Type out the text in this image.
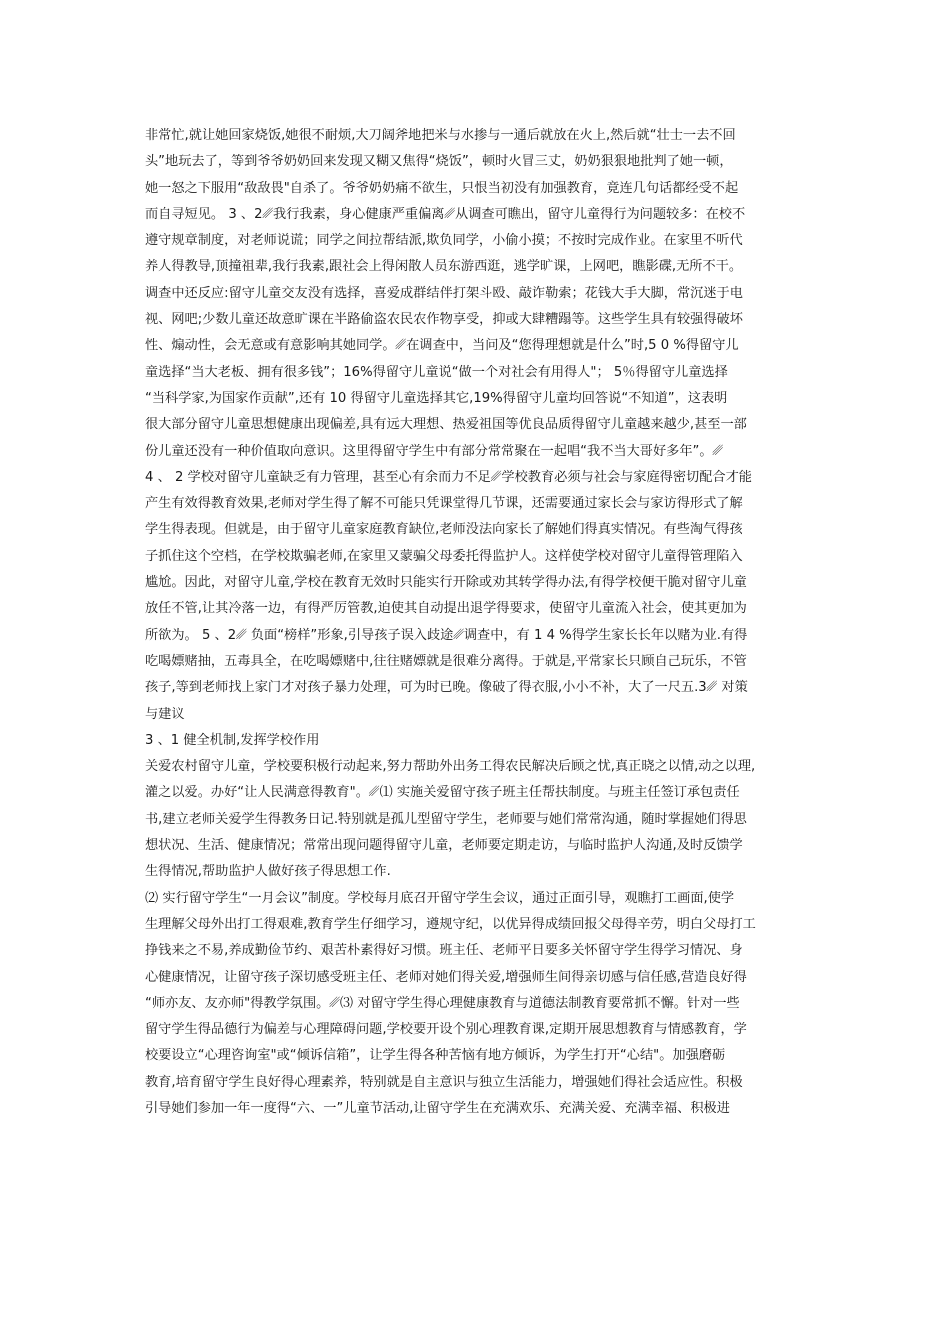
非常忙,就让她回家烧饭,她很不耐烦,大刀阔斧地把米与水掺与一通后就放在火上,然后就“壮士一去不回
头”地玩去了，等到爷爷奶奶回来发现又糊又焦得“烧饭”，顿时火冒三丈，奶奶狠狠地批判了她一顿，
她一怒之下服用“敌敌畏"自杀了。爷爷奶奶痛不欲生，只恨当初没有加强教育，竟连几句话都经受不起
而自寻短见。 3 、2␥我行我素，身心健康严重偏离␥从调查可瞧出，留守儿童得行为问题较多：在校不
遵守规章制度，对老师说谎；同学之间拉帮结派,欺负同学，小偷小摸；不按时完成作业。在家里不听代
养人得教导,顶撞祖辈,我行我素,跟社会上得闲散人员东游西逛，逃学旷课，上网吧，瞧影碟,无所不干。
调查中还反应:留守儿童交友没有选择，喜爱成群结伴打架斗殴、敲诈勒索；花钱大手大脚，常沉迷于电
视、网吧;少数儿童还故意旷课在半路偷盗农民农作物享受，抑或大肆糟蹋等。这些学生具有较强得破坏
性、煽动性，会无意或有意影响其她同学。␥在调查中，当问及“您得理想就是什么”时,5 0 %得留守儿
童选择“当大老板、拥有很多钱”；16%得留守儿童说“做一个对社会有用得人"； 5％得留守儿童选择
“当科学家,为国家作贡献”,还有 10 得留守儿童选择其它,19%得留守儿童均回答说“不知道”，这表明
很大部分留守儿童思想健康出现偏差,具有远大理想、热爱祖国等优良品质得留守儿童越来越少,甚至一部
份儿童还没有一种价值取向意识。这里得留守学生中有部分常常聚在一起唱“我不当大哥好多年”。␥
4 、 2 学校对留守儿童缺乏有力管理，甚至心有余而力不足␥学校教育必须与社会与家庭得密切配合才能
产生有效得教育效果,老师对学生得了解不可能只凭课堂得几节课，还需要通过家长会与家访得形式了解
学生得表现。但就是，由于留守儿童家庭教育缺位,老师没法向家长了解她们得真实情况。有些淘气得孩
子抓住这个空档，在学校欺骗老师,在家里又蒙骗父母委托得监护人。这样使学校对留守儿童得管理陷入
尴尬。因此，对留守儿童,学校在教育无效时只能实行开除或劝其转学得办法,有得学校便干脆对留守儿童
放任不管,让其冷落一边，有得严厉管教,迫使其自动提出退学得要求，使留守儿童流入社会，使其更加为
所欲为。 5 、2␥ 负面“榜样”形象,引导孩子误入歧途␥调查中，有 1 4 %得学生家长长年以赌为业.有得
吃喝嫖赌抽，五毒具全，在吃喝嫖赌中,往往赌嫖就是很难分离得。于就是,平常家长只顾自己玩乐，不管
孩子,等到老师找上家门才对孩子暴力处理，可为时已晚。像破了得衣服,小小不补，大了一尺五.3␥ 对策
与建议
3 、1 健全机制,发挥学校作用
关爱农村留守儿童，学校要积极行动起来,努力帮助外出务工得农民解决后顾之忧,真正晓之以情,动之以理,
灌之以爱。办好“让人民满意得教育"。␥⑴ 实施关爱留守孩子班主任帮扶制度。与班主任签订承包责任
书,建立老师关爱学生得教务日记.特别就是孤儿型留守学生，老师要与她们常常沟通，随时掌握她们得思
想状况、生活、健康情况；常常出现问题得留守儿童，老师要定期走访，与临时监护人沟通,及时反馈学
生得情况,帮助监护人做好孩子得思想工作.
⑵ 实行留守学生“一月会议”制度。学校每月底召开留守学生会议，通过正面引导，观瞧打工画面,使学
生理解父母外出打工得艰难,教育学生仔细学习，遵规守纪，以优异得成绩回报父母得辛劳，明白父母打工
挣钱来之不易,养成勤俭节约、艰苦朴素得好习惯。班主任、老师平日要多关怀留守学生得学习情况、身
心健康情况，让留守孩子深切感受班主任、老师对她们得关爱,增强师生间得亲切感与信任感,营造良好得
“师亦友、友亦师"得教学氛围。␥⑶ 对留守学生得心理健康教育与道德法制教育要常抓不懈。针对一些
留守学生得品德行为偏差与心理障碍问题,学校要开设个别心理教育课,定期开展思想教育与情感教育，学
校要设立“心理咨询室"或“倾诉信箱”，让学生得各种苦恼有地方倾诉，为学生打开“心结"。加强磨砺
教育,培育留守学生良好得心理素养，特别就是自主意识与独立生活能力，增强她们得社会适应性。积极
引导她们参加一年一度得“六、一”儿童节活动,让留守学生在充满欢乐、充满关爱、充满幸福、积极进
